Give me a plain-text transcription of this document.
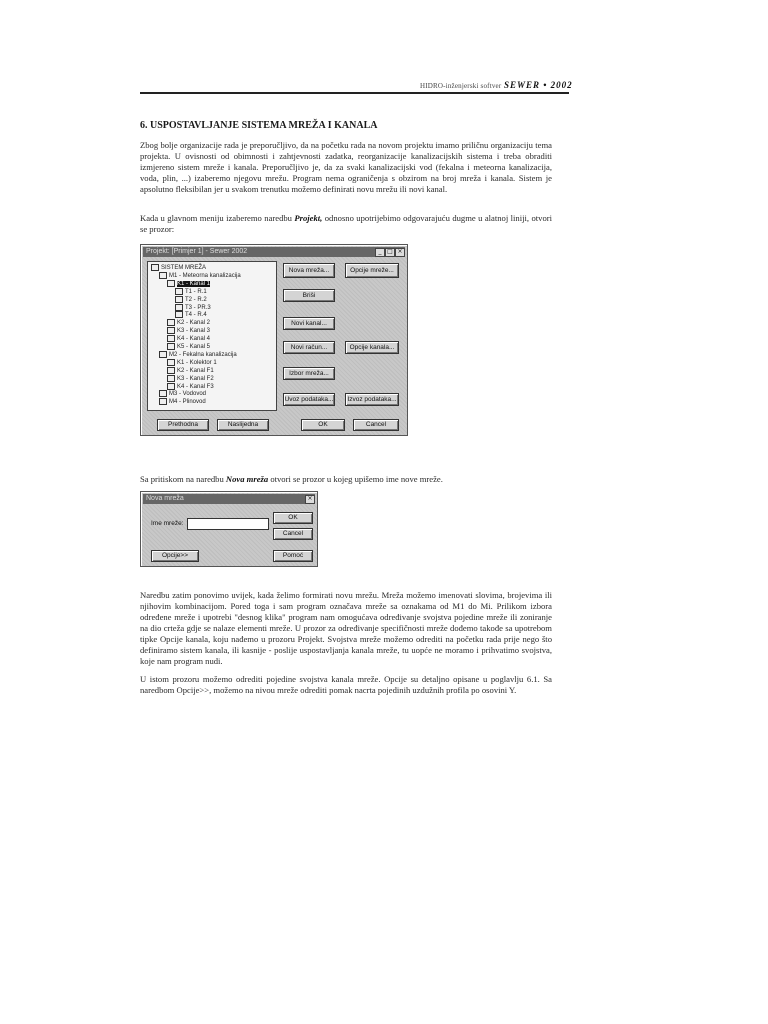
HIDRO-inženjerski softver SEWER • 2002
6. USPOSTAVLJANJE SISTEMA MREŽA I KANALA
Zbog bolje organizacije rada je preporučljivo, da na početku rada na novom projektu imamo priličnu organizaciju tema projekta. U ovisnosti od obimnosti i zahtjevnosti zadatka, reorganizacije kanalizacijskih sistema i treba obraditi izmjereno sistem mreže i kanala. Preporučljivo je, da za svaki kanalizacijski vod (fekalna i meteorna kanalizacija, voda, plin, ...) izaberemo njegovu mrežu. Program nema ograničenja s obzirom na broj mreža i kanala. Sistem je apsolutno fleksibilan jer u svakom trenutku možemo definirati novu mrežu ili novi kanal.
Kada u glavnom meniju izaberemo naredbu Projekt, odnosno upotrijebimo odgovarajuću dugme u alatnoj liniji, otvori se prozor:
Projekt: [Primjer 1] - Sewer 2002	_ □ ×
Nova mreža...	Opcije mreže...
Briši
Novi kanal...
Novi račun...	Opcije kanala...
Izbor mreža...
Uvoz podataka...	Izvoz podataka...
Prethodna	Naslijedna	OK	Cancel
SISTEM MREŽA
M1 - Meteorna kanalizacija
K1 - Kanal 1
T1 - R.1
T2 - R.2
T3 - PR.3
T4 - R.4
K2 - Kanal 2
K3 - Kanal 3
K4 - Kanal 4
K5 - Kanal 5
M2 - Fekalna kanalizacija
K1 - Kolektor 1
K2 - Kanal F1
K3 - Kanal F2
K4 - Kanal F3
M3 - Vodovod
M4 - Plinovod
Sa pritiskom na naredbu Nova mreža otvori se prozor u kojeg upišemo ime nove mreže.
Nova mreža	×
Ime mreže:
OK
Cancel
Opcije>>	Pomoć
Naredbu zatim ponovimo uvijek, kada želimo formirati novu mrežu. Mreža možemo imenovati slovima, brojevima ili njihovim kombinacijom. Pored toga i sam program označava mreže sa oznakama od M1 do Mi. Prilikom izbora određene mreže i upotrebi "desnog klika" program nam omogućava određivanje svojstva pojedine mreže ili zoniranje na dio crteža gdje se nalaze elementi mreže. U prozor za određivanje specifičnosti mreže dođemo takođe sa upotrebom tipke Opcije kanala, koju nađemo u prozoru Projekt. Svojstva mreže možemo odrediti na početku rada prije nego što definiramo sistem kanala, ili kasnije - poslije uspostavljanja kanala mreže, tu uopće ne moramo i prihvatimo svojstva, koje nam program nudi.
U istom prozoru možemo odrediti pojedine svojstva kanala mreže. Opcije su detaljno opisane u poglavlju 6.1. Sa naredbom Opcije>>, možemo na nivou mreže odrediti pomak nacrta pojedinih uzdužnih profila po osovini Y.
